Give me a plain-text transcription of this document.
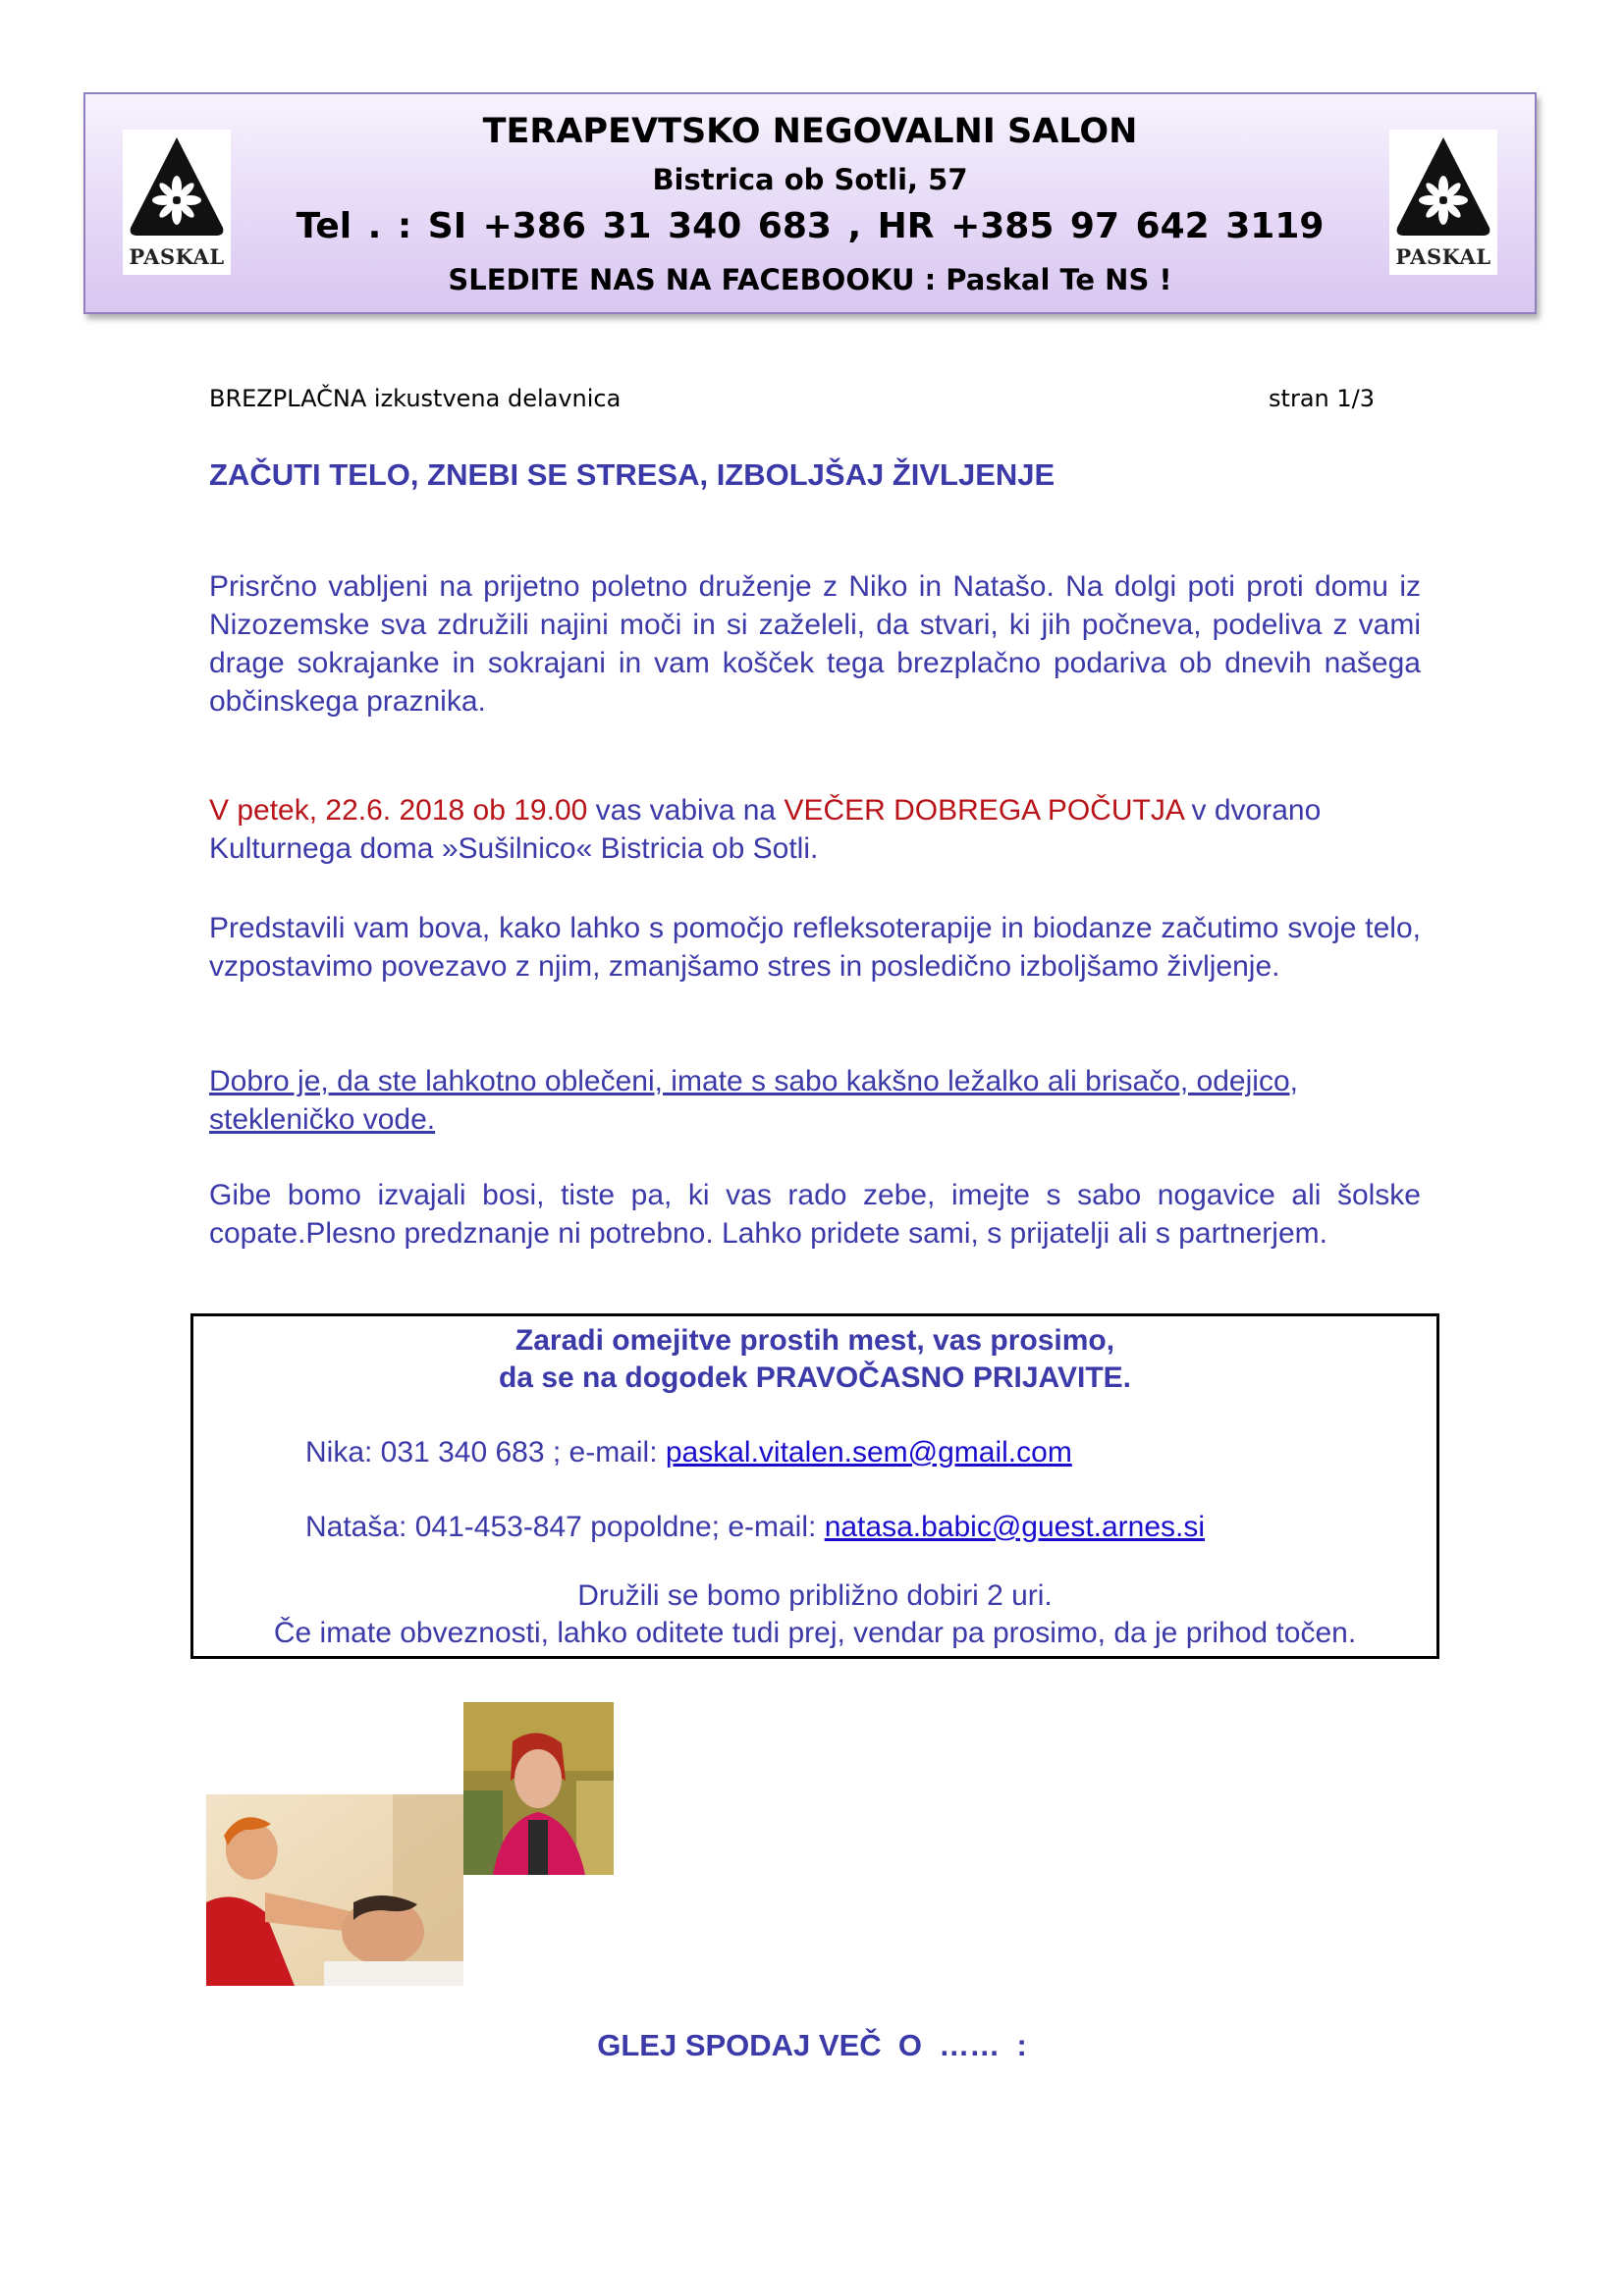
PASKAL
TERAPEVTSKO NEGOVALNI SALON
Bistrica ob Sotli, 57
Tel . : SI +386 31 340 683 , HR +385 97 642 3119
SLEDITE NAS NA FACEBOOKU : Paskal Te NS !
PASKAL
BREZPLAČNA izkustvena delavnica	stran 1/3
ZAČUTI TELO, ZNEBI SE STRESA, IZBOLJŠAJ ŽIVLJENJE
Prisrčno vabljeni na prijetno poletno druženje z Niko in Natašo. Na dolgi poti proti domu iz Nizozemske sva združili najini moči in si zaželeli, da stvari, ki jih počneva, podeliva z vami drage sokrajanke in sokrajani in vam košček tega brezplačno podariva ob dnevih našega občinskega praznika.
V petek, 22.6. 2018 ob 19.00 vas vabiva na VEČER DOBREGA POČUTJA v dvorano Kulturnega doma »Sušilnico« Bistricia ob Sotli.
Predstavili vam bova, kako lahko s pomočjo refleksoterapije in biodanze začutimo svoje telo, vzpostavimo povezavo z njim, zmanjšamo stres in posledično izboljšamo življenje.
Dobro je, da ste lahkotno oblečeni, imate s sabo kakšno ležalko ali brisačo, odejico, stekleničko vode.
Gibe bomo izvajali bosi, tiste pa, ki vas rado zebe, imejte s sabo nogavice ali šolske copate.Plesno predznanje ni potrebno. Lahko pridete sami, s prijatelji ali s partnerjem.
Zaradi omejitve prostih mest, vas prosimo,
da se na dogodek PRAVOČASNO PRIJAVITE.
Nika: 031 340 683 ; e-mail: paskal.vitalen.sem@gmail.com
Nataša: 041-453-847 popoldne; e-mail: natasa.babic@guest.arnes.si
Družili se bomo približno dobiri 2 uri.
Če imate obveznosti, lahko oditete tudi prej, vendar pa prosimo, da je prihod točen.
GLEJ SPODAJ VEČ  O  ……  :
